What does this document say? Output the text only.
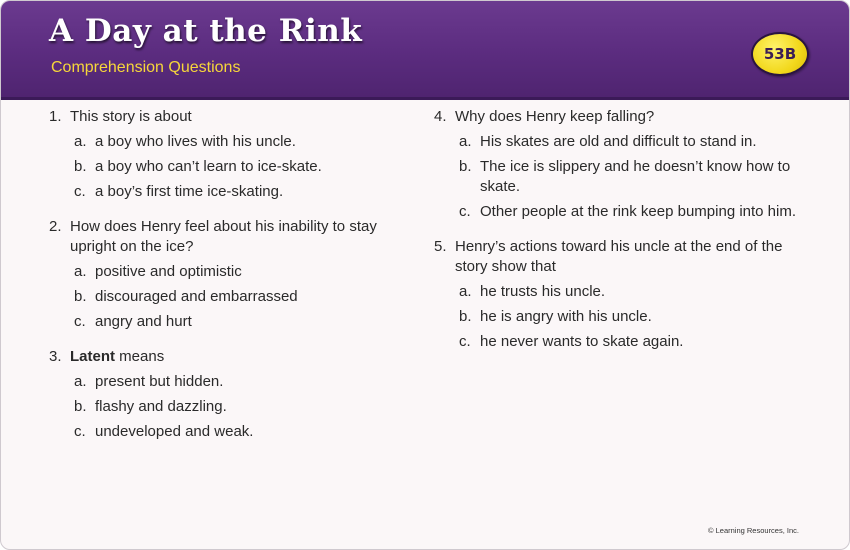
A Day at the Rink
Comprehension Questions
53B
1. This story is about

a. a boy who lives with his uncle.
b. a boy who can’t learn to ice-skate.
c. a boy’s first time ice-skating.
2. How does Henry feel about his inability to stay upright on the ice?

a. positive and optimistic
b. discouraged and embarrassed
c. angry and hurt
3. Latent means

a. present but hidden.
b. flashy and dazzling.
c. undeveloped and weak.
4. Why does Henry keep falling?

a. His skates are old and difficult to stand in.
b. The ice is slippery and he doesn’t know how to skate.
c. Other people at the rink keep bumping into him.
5. Henry’s actions toward his uncle at the end of the story show that

a. he trusts his uncle.
b. he is angry with his uncle.
c. he never wants to skate again.
© Learning Resources, Inc.
